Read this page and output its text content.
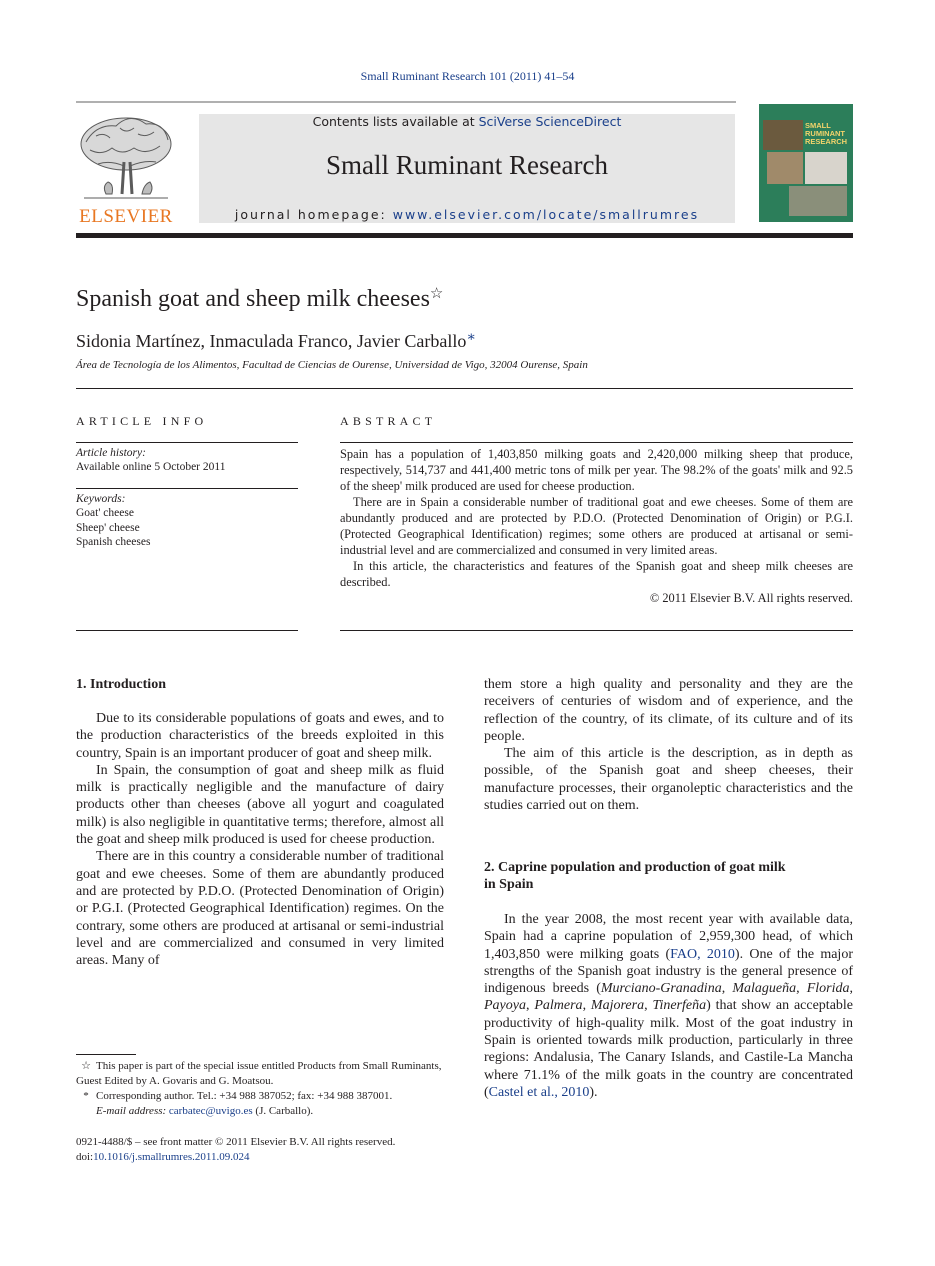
Small Ruminant Research 101 (2011) 41–54
ELSEVIER
Contents lists available at SciVerse ScienceDirect
Small Ruminant Research
journal homepage: www.elsevier.com/locate/smallrumres
SMALL RUMINANT RESEARCH
Spanish goat and sheep milk cheeses☆
Sidonia Martínez, Inmaculada Franco, Javier Carballo∗
Área de Tecnología de los Alimentos, Facultad de Ciencias de Ourense, Universidad de Vigo, 32004 Ourense, Spain
ARTICLE INFO
Article history:
Available online 5 October 2011
Keywords:
Goat' cheese
Sheep' cheese
Spanish cheeses
ABSTRACT

Spain has a population of 1,403,850 milking goats and 2,420,000 milking sheep that produce, respectively, 514,737 and 441,400 metric tons of milk per year. The 98.2% of the goats' milk and 92.5 of the sheep' milk produced are used for cheese production.

There are in Spain a considerable number of traditional goat and ewe cheeses. Some of them are abundantly produced and are protected by P.D.O. (Protected Denomination of Origin) or P.G.I. (Protected Geographical Identification) regimes; some others are produced at artisanal or semi-industrial level and are commercialized and consumed in very limited areas.

In this article, the characteristics and features of the Spanish goat and sheep milk cheeses are described.

© 2011 Elsevier B.V. All rights reserved.
1. Introduction

Due to its considerable populations of goats and ewes, and to the production characteristics of the breeds exploited in this country, Spain is an important producer of goat and sheep milk.

In Spain, the consumption of goat and sheep milk as fluid milk is practically negligible and the manufacture of dairy products other than cheeses (above all yogurt and coagulated milk) is also negligible in quantitative terms; therefore, almost all the goat and sheep milk produced is used for cheese production.

There are in this country a considerable number of traditional goat and ewe cheeses. Some of them are abundantly produced and are protected by P.D.O. (Protected Denomination of Origin) or P.G.I. (Protected Geographical Identification) regimes. On the contrary, some others are produced at artisanal or semi-industrial level and are commercialized and consumed in very limited areas. Many of

them store a high quality and personality and they are the receivers of centuries of wisdom and of experience, and the reflection of the country, of its climate, of its culture and of its people.

The aim of this article is the description, as in depth as possible, of the Spanish goat and sheep cheeses, their manufacture processes, their organoleptic characteristics and the studies carried out on them.

2. Caprine population and production of goat milk
in Spain

In the year 2008, the most recent year with available data, Spain had a caprine population of 2,959,300 head, of which 1,403,850 were milking goats (FAO, 2010). One of the major strengths of the Spanish goat industry is the general presence of indigenous breeds (Murciano-Granadina, Malagueña, Florida, Payoya, Palmera, Majorera, Tinerfeña) that show an acceptable productivity of high-quality milk. Most of the goat industry in Spain is oriented towards milk production, particularly in three regions: Andalusia, The Canary Islands, and Castile-La Mancha where 71.1% of the milk goats in the country are concentrated (Castel et al., 2010).

☆ This paper is part of the special issue entitled Products from Small Ruminants, Guest Edited by A. Govaris and G. Moatsou.
* Corresponding author. Tel.: +34 988 387052; fax: +34 988 387001.
E-mail address: carbatec@uvigo.es (J. Carballo).
0921-4488/$ – see front matter © 2011 Elsevier B.V. All rights reserved.
doi:10.1016/j.smallrumres.2011.09.024
